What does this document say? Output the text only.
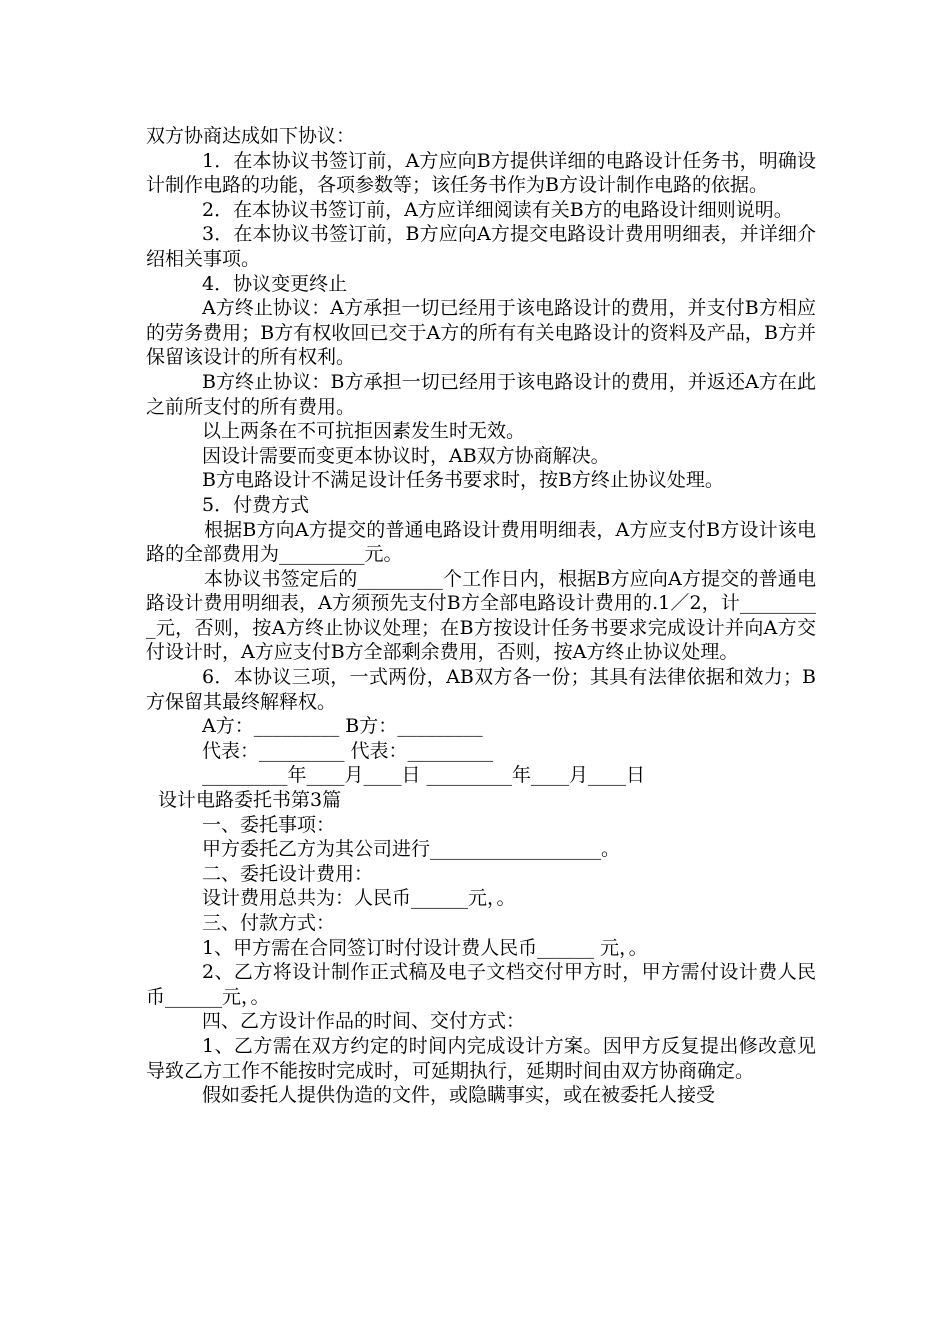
双方协商达成如下协议：

1．在本协议书签订前，A方应向B方提供详细的电路设计任务书，明确设计制作电路的功能，各项参数等；该任务书作为B方设计制作电路的依据。

2．在本协议书签订前，A方应详细阅读有关B方的电路设计细则说明。

3．在本协议书签订前，B方应向A方提交电路设计费用明细表，并详细介绍相关事项。

4．协议变更终止

A方终止协议：A方承担一切已经用于该电路设计的费用，并支付B方相应的劳务费用；B方有权收回已交于A方的所有有关电路设计的资料及产品，B方并保留该设计的所有权利。

B方终止协议：B方承担一切已经用于该电路设计的费用，并返还A方在此之前所支付的所有费用。

以上两条在不可抗拒因素发生时无效。

因设计需要而变更本协议时，AB双方协商解决。

B方电路设计不满足设计任务书要求时，按B方终止协议处理。

5．付费方式

根据B方向A方提交的普通电路设计费用明细表，A方应支付B方设计该电路的全部费用为_________元。

本协议书签定后的_________个工作日内，根据B方应向A方提交的普通电路设计费用明细表，A方须预先支付B方全部电路设计费用的.1／2，计_________元，否则，按A方终止协议处理；在B方按设计任务书要求完成设计并向A方交付设计时，A方应支付B方全部剩余费用，否则，按A方终止协议处理。

6．本协议三项，一式两份，AB双方各一份；其具有法律依据和效力；B方保留其最终解释权。

A方：_________ B方：_________

代表：_________ 代表：_________

_________年____月____日 _________年____月____日

设计电路委托书第3篇

一、委托事项：

甲方委托乙方为其公司进行__________________。

二、委托设计费用：

设计费用总共为：人民币______元，。

三、付款方式：

1、甲方需在合同签订时付设计费人民币______ 元，。

2、乙方将设计制作正式稿及电子文档交付甲方时，甲方需付设计费人民币______元，。

四、乙方设计作品的时间、交付方式：

1、乙方需在双方约定的时间内完成设计方案。因甲方反复提出修改意见导致乙方工作不能按时完成时，可延期执行，延期时间由双方协商确定。

假如委托人提供伪造的文件，或隐瞒事实，或在被委托人接受
